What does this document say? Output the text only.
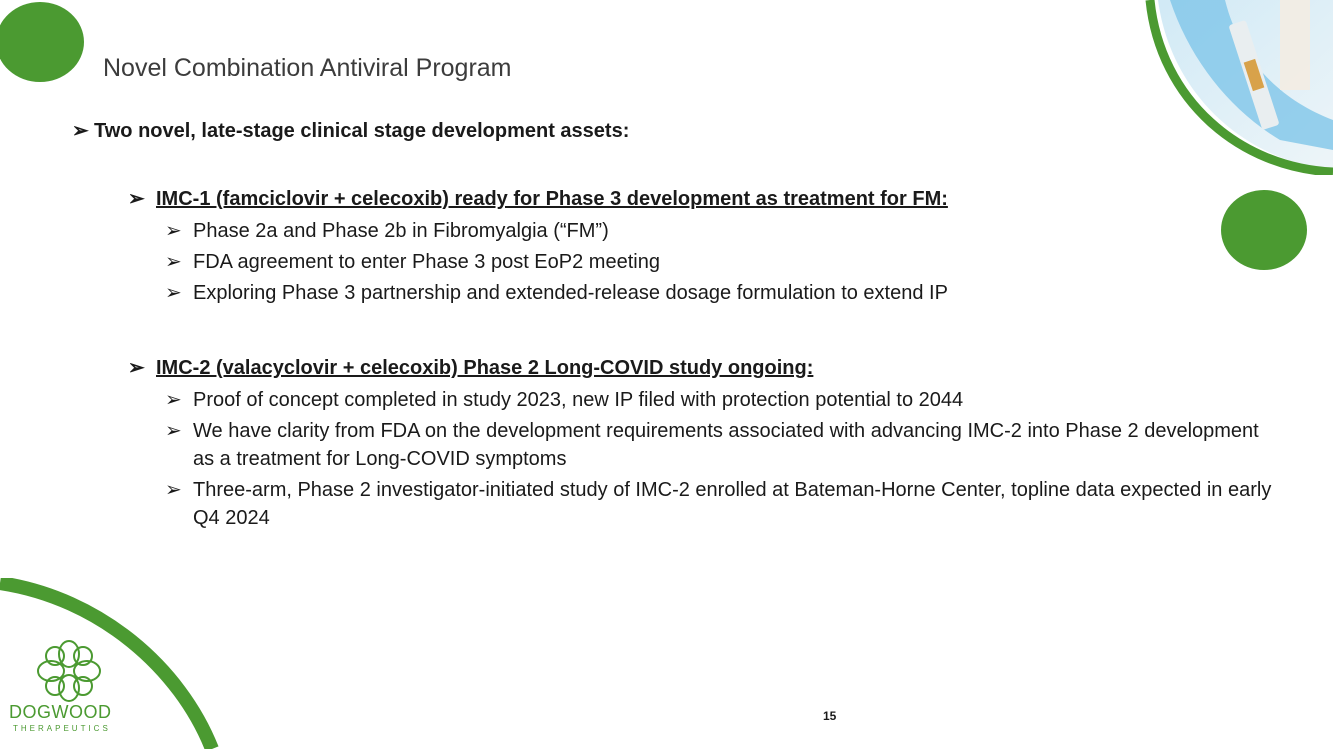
DOGWOOD
THERAPEUTICS
Novel Combination Antiviral Program
➢ Two novel, late-stage clinical stage development assets:
➢ IMC-1 (famciclovir + celecoxib) ready for Phase 3 development as treatment for FM:
➢ Phase 2a and Phase 2b in Fibromyalgia (“FM”)
➢ FDA agreement to enter Phase 3 post EoP2 meeting
➢ Exploring Phase 3 partnership and extended-release dosage formulation to extend IP
➢ IMC-2 (valacyclovir + celecoxib) Phase 2 Long-COVID study ongoing:
➢ Proof of concept completed in study 2023, new IP filed with protection potential to 2044
➢ We have clarity from FDA on the development requirements associated with advancing IMC-2 into Phase 2 development as a treatment for Long-COVID symptoms
➢ Three-arm, Phase 2 investigator-initiated study of IMC-2 enrolled at Bateman-Horne Center, topline data expected in early Q4 2024
15
